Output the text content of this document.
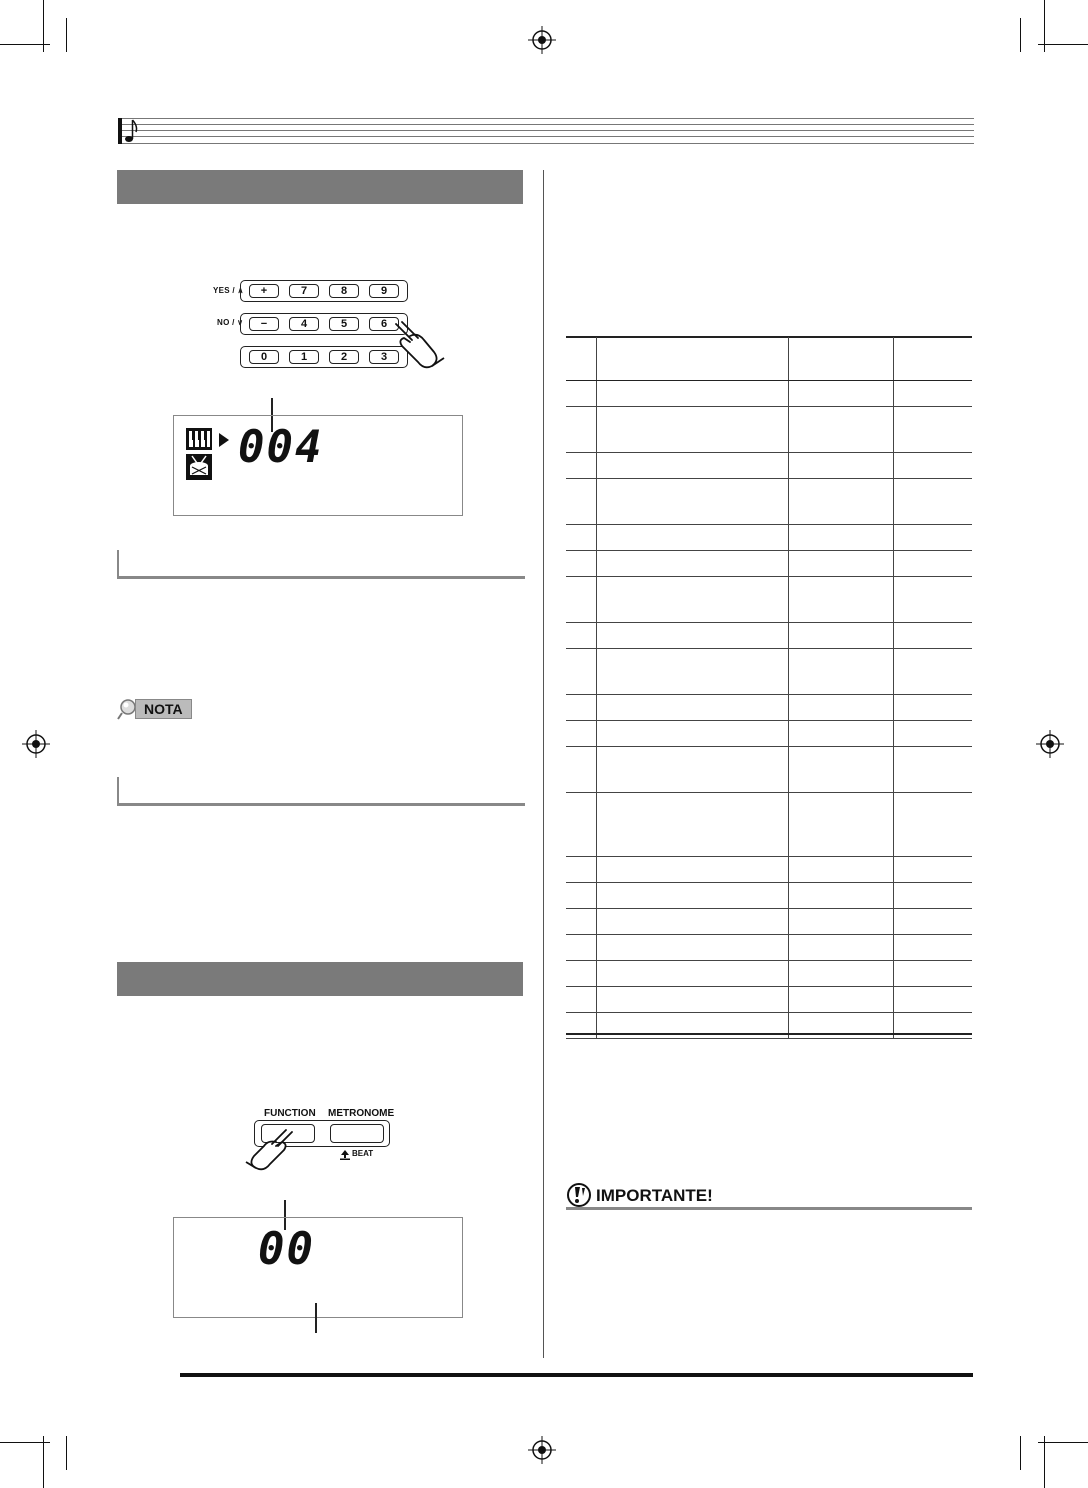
YES / ∧
NO / ∨
+	7	8	9
−	4	5	6
0	1	2	3
004
NOTA
FUNCTION METRONOME
BEAT
00

IMPORTANTE!
